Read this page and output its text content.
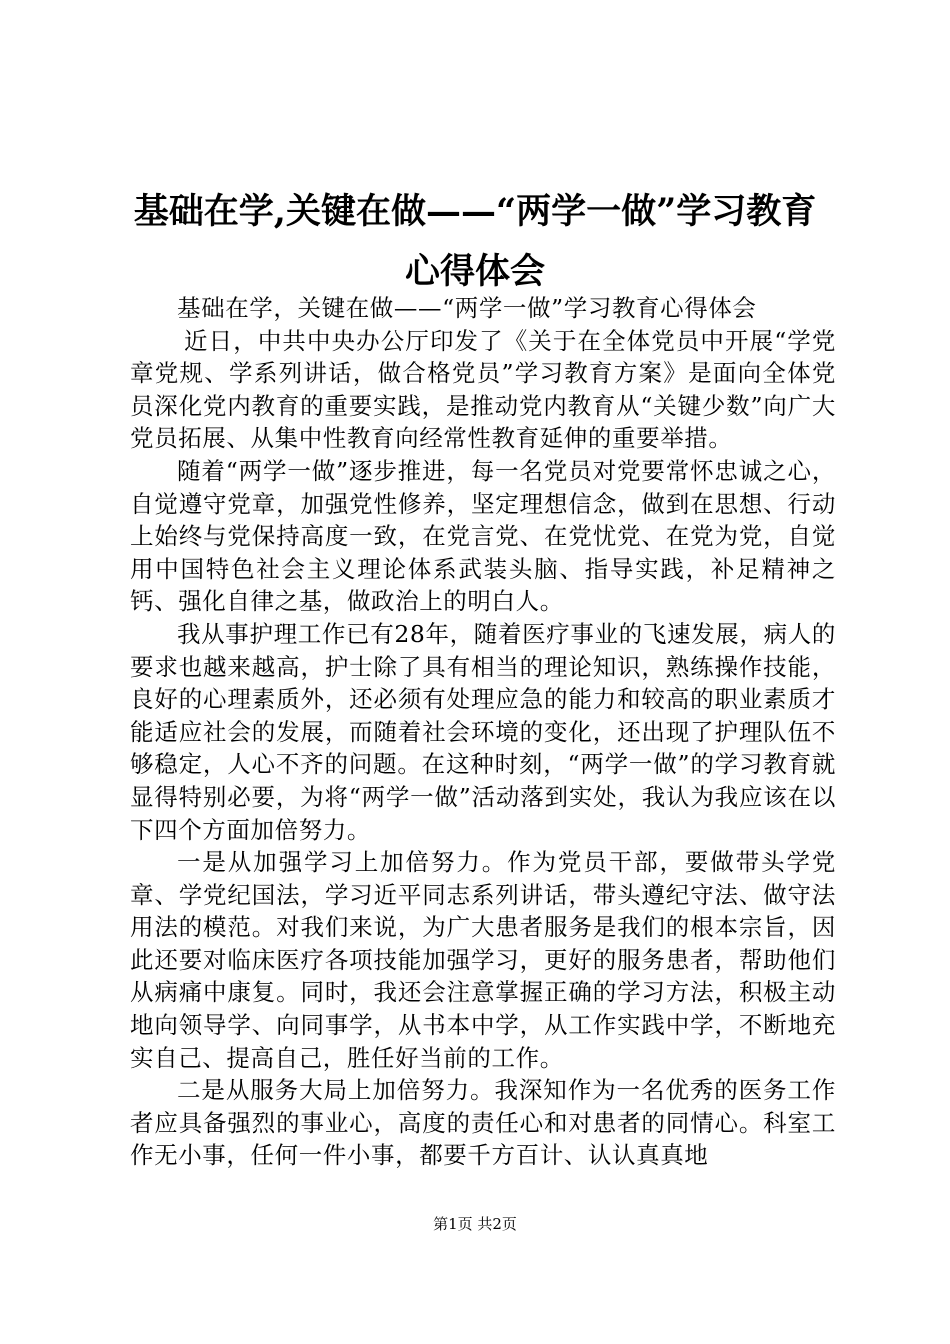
基础在学,关键在做——“两学一做”学习教育心得体会

基础在学，关键在做——“两学一做”学习教育心得体会

近日，中共中央办公厅印发了《关于在全体党员中开展“学党章党规、学系列讲话，做合格党员”学习教育方案》是面向全体党员深化党内教育的重要实践，是推动党内教育从“关键少数”向广大党员拓展、从集中性教育向经常性教育延伸的重要举措。

随着“两学一做”逐步推进，每一名党员对党要常怀忠诚之心，自觉遵守党章，加强党性修养，坚定理想信念，做到在思想、行动上始终与党保持高度一致，在党言党、在党忧党、在党为党，自觉用中国特色社会主义理论体系武装头脑、指导实践，补足精神之钙、强化自律之基，做政治上的明白人。

我从事护理工作已有28年，随着医疗事业的飞速发展，病人的要求也越来越高，护士除了具有相当的理论知识，熟练操作技能，良好的心理素质外，还必须有处理应急的能力和较高的职业素质才能适应社会的发展，而随着社会环境的变化，还出现了护理队伍不够稳定，人心不齐的问题。在这种时刻，“两学一做”的学习教育就显得特别必要，为将“两学一做”活动落到实处，我认为我应该在以下四个方面加倍努力。

一是从加强学习上加倍努力。作为党员干部，要做带头学党章、学党纪国法，学习近平同志系列讲话，带头遵纪守法、做守法用法的模范。对我们来说，为广大患者服务是我们的根本宗旨，因此还要对临床医疗各项技能加强学习，更好的服务患者，帮助他们从病痛中康复。同时，我还会注意掌握正确的学习方法，积极主动地向领导学、向同事学，从书本中学，从工作实践中学，不断地充实自己、提高自己，胜任好当前的工作。

二是从服务大局上加倍努力。我深知作为一名优秀的医务工作者应具备强烈的事业心，高度的责任心和对患者的同情心。科室工作无小事，任何一件小事，都要千方百计、认认真真地

第1页 共2页
